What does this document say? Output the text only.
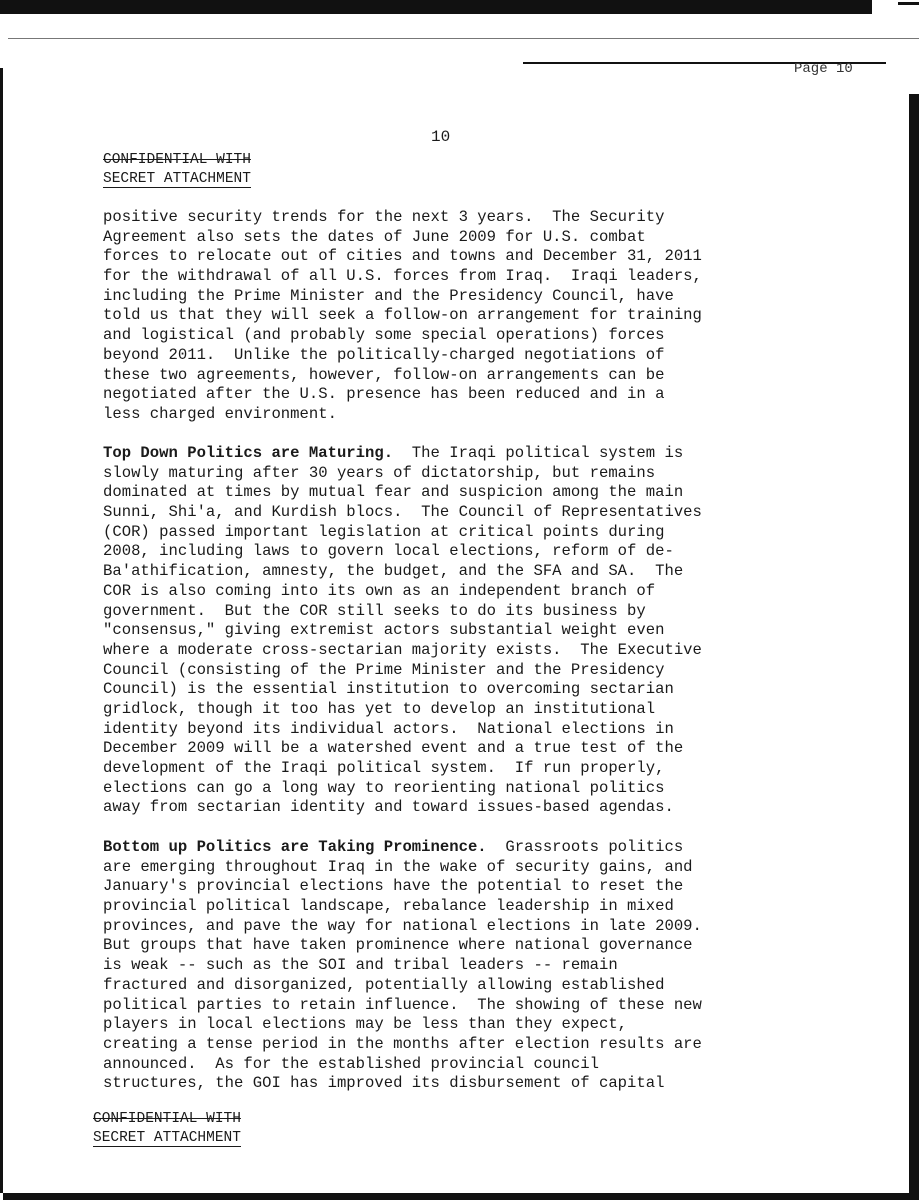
Page 10
10
CONFIDENTIAL WITH
SECRET ATTACHMENT
positive security trends for the next 3 years.  The Security
Agreement also sets the dates of June 2009 for U.S. combat
forces to relocate out of cities and towns and December 31, 2011
for the withdrawal of all U.S. forces from Iraq.  Iraqi leaders,
including the Prime Minister and the Presidency Council, have
told us that they will seek a follow-on arrangement for training
and logistical (and probably some special operations) forces
beyond 2011.  Unlike the politically-charged negotiations of
these two agreements, however, follow-on arrangements can be
negotiated after the U.S. presence has been reduced and in a
less charged environment.
Top Down Politics are Maturing.  The Iraqi political system is
slowly maturing after 30 years of dictatorship, but remains
dominated at times by mutual fear and suspicion among the main
Sunni, Shi'a, and Kurdish blocs.  The Council of Representatives
(COR) passed important legislation at critical points during
2008, including laws to govern local elections, reform of de-
Ba'athification, amnesty, the budget, and the SFA and SA.  The
COR is also coming into its own as an independent branch of
government.  But the COR still seeks to do its business by
"consensus," giving extremist actors substantial weight even
where a moderate cross-sectarian majority exists.  The Executive
Council (consisting of the Prime Minister and the Presidency
Council) is the essential institution to overcoming sectarian
gridlock, though it too has yet to develop an institutional
identity beyond its individual actors.  National elections in
December 2009 will be a watershed event and a true test of the
development of the Iraqi political system.  If run properly,
elections can go a long way to reorienting national politics
away from sectarian identity and toward issues-based agendas.
Bottom up Politics are Taking Prominence.  Grassroots politics
are emerging throughout Iraq in the wake of security gains, and
January's provincial elections have the potential to reset the
provincial political landscape, rebalance leadership in mixed
provinces, and pave the way for national elections in late 2009.
But groups that have taken prominence where national governance
is weak -- such as the SOI and tribal leaders -- remain
fractured and disorganized, potentially allowing established
political parties to retain influence.  The showing of these new
players in local elections may be less than they expect,
creating a tense period in the months after election results are
announced.  As for the established provincial council
structures, the GOI has improved its disbursement of capital
CONFIDENTIAL WITH
SECRET ATTACHMENT
